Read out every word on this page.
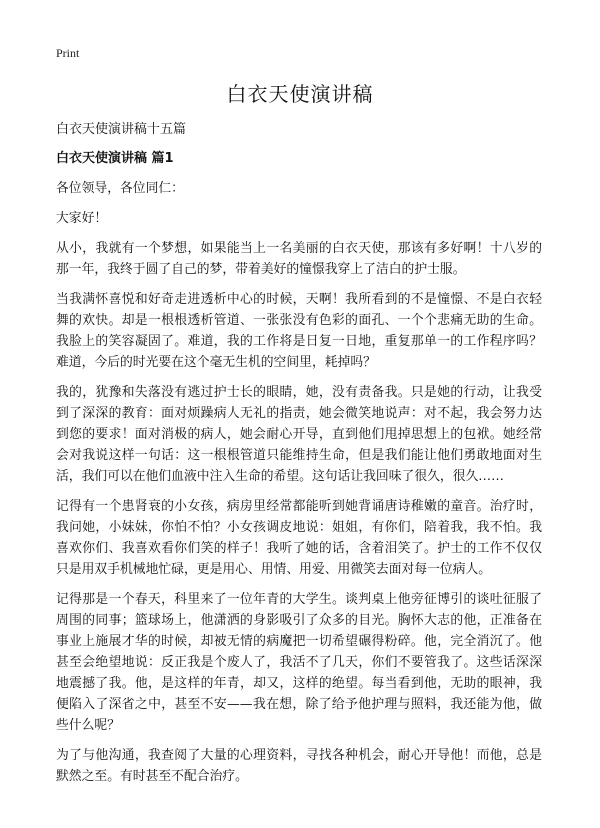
Print
白衣天使演讲稿
白衣天使演讲稿十五篇
白衣天使演讲稿 篇1

各位领导，各位同仁：

大家好！

从小，我就有一个梦想，如果能当上一名美丽的白衣天使，那该有多好啊！十八岁的那一年，我终于圆了自己的梦，带着美好的憧憬我穿上了洁白的护士服。

当我满怀喜悦和好奇走进透析中心的时候，天啊！我所看到的不是憧憬、不是白衣轻舞的欢快。却是一根根透析管道、一张张没有色彩的面孔、一个个悲痛无助的生命。我脸上的笑容凝固了。难道，我的工作将是日复一日地，重复那单一的工作程序吗？难道，今后的时光要在这个毫无生机的空间里，耗掉吗？

我的，犹豫和失落没有逃过护士长的眼睛，她，没有责备我。只是她的行动，让我受到了深深的教育：面对烦躁病人无礼的指责，她会微笑地说声：对不起，我会努力达到您的要求！面对消极的病人，她会耐心开导，直到他们甩掉思想上的包袱。她经常会对我说这样一句话：这一根根管道只能维持生命，但是我们能让他们勇敢地面对生活，我们可以在他们血液中注入生命的希望。这句话让我回味了很久，很久……

记得有一个患肾衰的小女孩，病房里经常都能听到她背诵唐诗稚嫩的童音。治疗时，我问她，小妹妹，你怕不怕？小女孩调皮地说：姐姐，有你们，陪着我，我不怕。我喜欢你们、我喜欢看你们笑的样子！我听了她的话，含着泪笑了。护士的工作不仅仅只是用双手机械地忙碌，更是用心、用情、用爱、用微笑去面对每一位病人。

记得那是一个春天，科里来了一位年青的大学生。谈判桌上他旁征博引的谈吐征服了周围的同事；篮球场上，他潇洒的身影吸引了众多的目光。胸怀大志的他，正准备在事业上施展才华的时候，却被无情的病魔把一切希望碾得粉碎。他，完全消沉了。他甚至会绝望地说：反正我是个废人了，我活不了几天，你们不要管我了。这些话深深地震撼了我。他，是这样的年青，却又，这样的绝望。每当看到他，无助的眼神，我便陷入了深省之中，甚至不安——我在想，除了给予他护理与照料，我还能为他，做些什么呢？

为了与他沟通，我查阅了大量的心理资料，寻找各种机会，耐心开导他！而他，总是默然之至。有时甚至不配合治疗。
